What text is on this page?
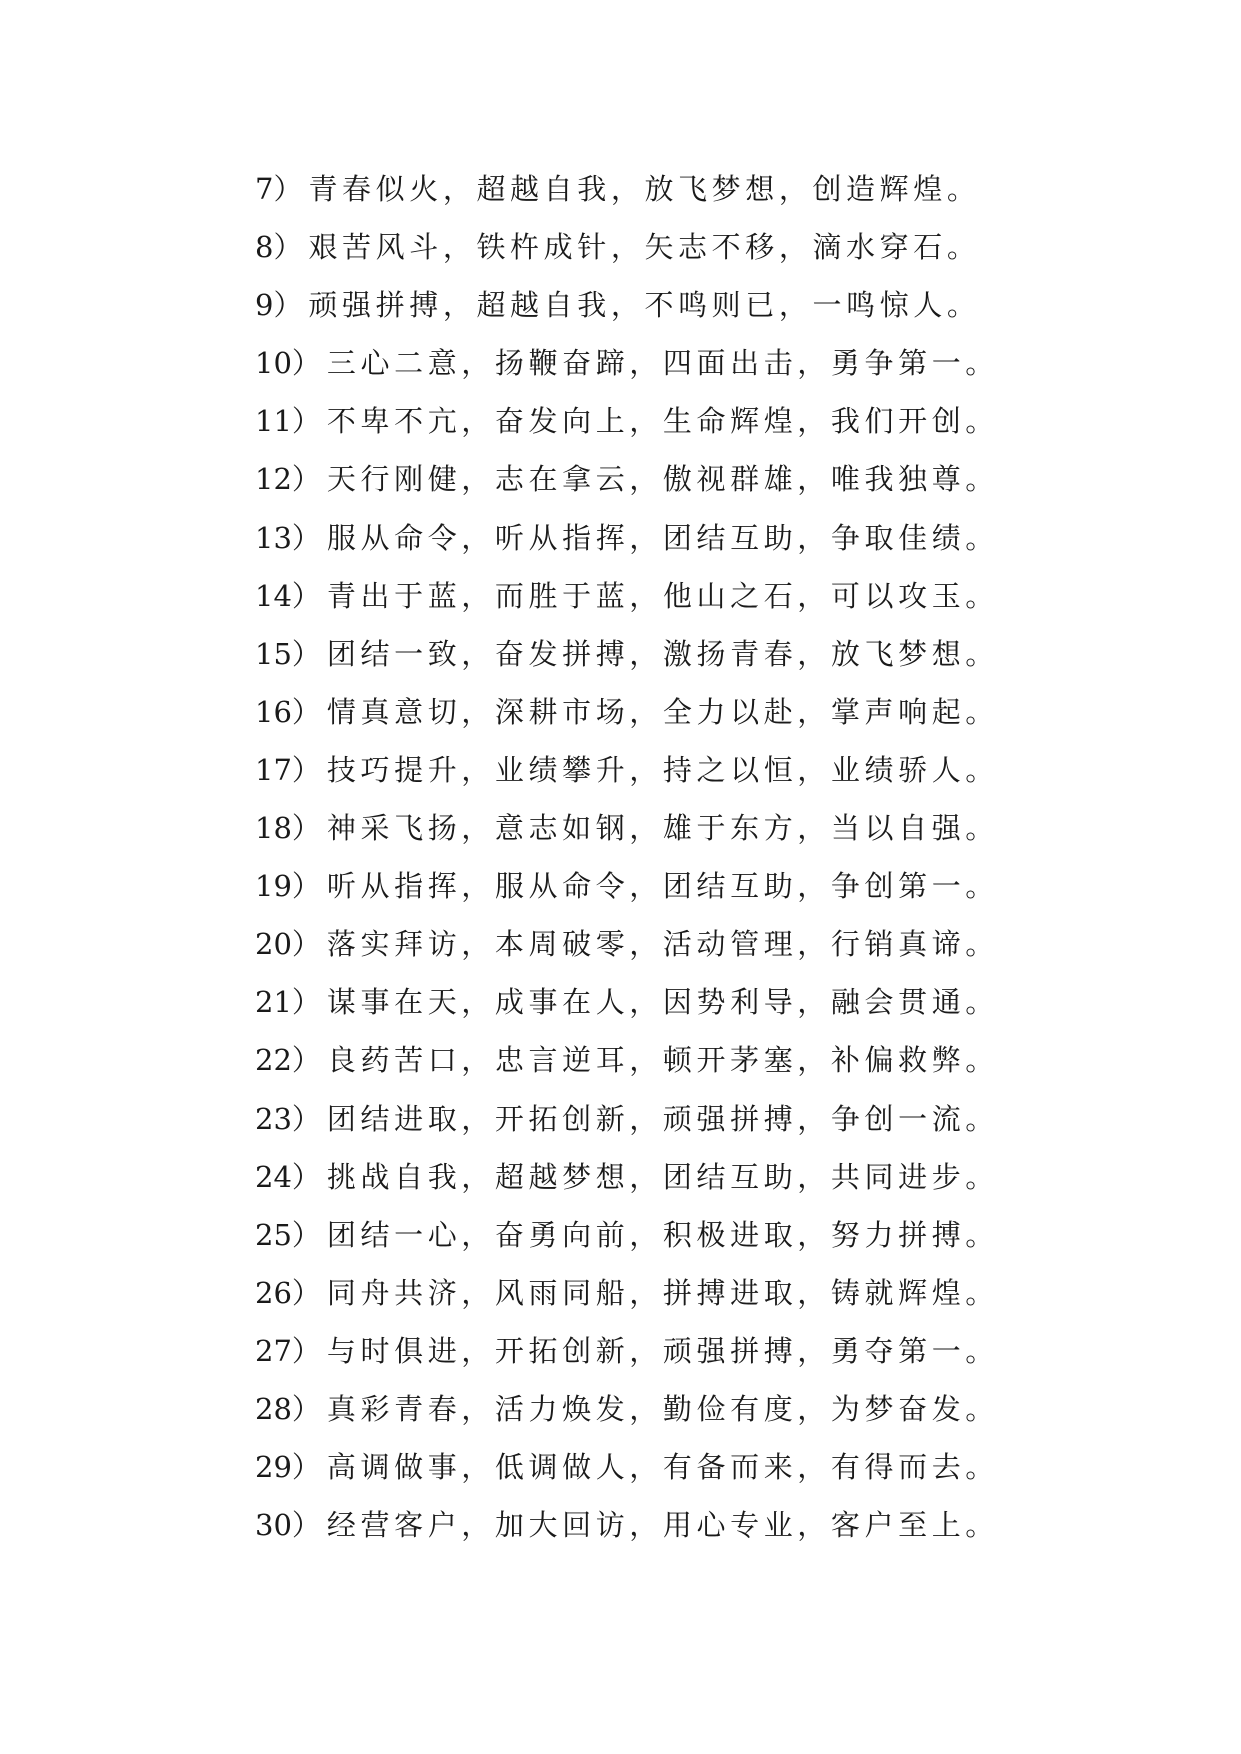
7） 青春似火，超越自我，放飞梦想，创造辉煌。
8） 艰苦风斗，铁杵成针，矢志不移，滴水穿石。
9） 顽强拼搏，超越自我，不鸣则已，一鸣惊人。
10） 三心二意，扬鞭奋蹄，四面出击，勇争第一。
11） 不卑不亢，奋发向上，生命辉煌，我们开创。
12） 天行刚健，志在拿云，傲视群雄，唯我独尊。
13） 服从命令，听从指挥，团结互助，争取佳绩。
14） 青出于蓝，而胜于蓝，他山之石，可以攻玉。
15） 团结一致，奋发拼搏，激扬青春，放飞梦想。
16） 情真意切，深耕市场，全力以赴，掌声响起。
17） 技巧提升，业绩攀升，持之以恒，业绩骄人。
18） 神采飞扬，意志如钢，雄于东方，当以自强。
19） 听从指挥，服从命令，团结互助，争创第一。
20） 落实拜访，本周破零，活动管理，行销真谛。
21） 谋事在天，成事在人，因势利导，融会贯通。
22） 良药苦口，忠言逆耳，顿开茅塞，补偏救弊。
23） 团结进取，开拓创新，顽强拼搏，争创一流。
24） 挑战自我，超越梦想，团结互助，共同进步。
25） 团结一心，奋勇向前，积极进取，努力拼搏。
26） 同舟共济，风雨同船，拼搏进取，铸就辉煌。
27） 与时俱进，开拓创新，顽强拼搏，勇夺第一。
28） 真彩青春，活力焕发，勤俭有度，为梦奋发。
29） 高调做事，低调做人，有备而来，有得而去。
30） 经营客户，加大回访，用心专业，客户至上。
